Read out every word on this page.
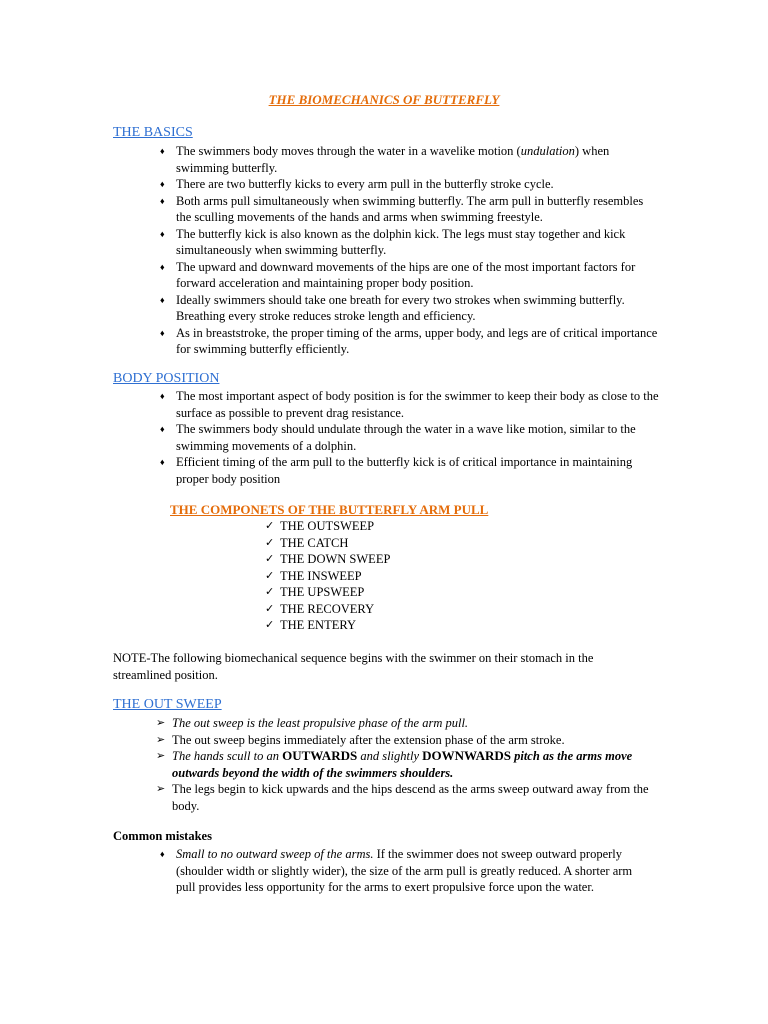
THE BIOMECHANICS OF BUTTERFLY
THE BASICS
♦ The swimmers body moves through the water in a wavelike motion (undulation) when swimming butterfly.
♦ There are two butterfly kicks to every arm pull in the butterfly stroke cycle.
♦ Both arms pull simultaneously when swimming butterfly. The arm pull in butterfly resembles the sculling movements of the hands and arms when swimming freestyle.
♦ The butterfly kick is also known as the dolphin kick. The legs must stay together and kick simultaneously when swimming butterfly.
♦ The upward and downward movements of the hips are one of the most important factors for forward acceleration and maintaining proper body position.
♦ Ideally swimmers should take one breath for every two strokes when swimming butterfly. Breathing every stroke reduces stroke length and efficiency.
♦ As in breaststroke, the proper timing of the arms, upper body, and legs are of critical importance for swimming butterfly efficiently.
BODY POSITION
♦ The most important aspect of body position is for the swimmer to keep their body as close to the surface as possible to prevent drag resistance.
♦ The swimmers body should undulate through the water in a wave like motion, similar to the swimming movements of a dolphin.
♦ Efficient timing of the arm pull to the butterfly kick is of critical importance in maintaining proper body position
THE COMPONETS OF THE BUTTERFLY ARM PULL
✓ THE OUTSWEEP
✓ THE CATCH
✓ THE DOWN SWEEP
✓ THE INSWEEP
✓ THE UPSWEEP
✓ THE RECOVERY
✓ THE ENTERY
NOTE-The following biomechanical sequence begins with the swimmer on their stomach in the streamlined position.
THE OUT SWEEP
➢ The out sweep is the least propulsive phase of the arm pull.
➢ The out sweep begins immediately after the extension phase of the arm stroke.
➢ The hands scull to an OUTWARDS and slightly DOWNWARDS pitch as the arms move outwards beyond the width of the swimmers shoulders.
➢ The legs begin to kick upwards and the hips descend as the arms sweep outward away from the body.
Common mistakes
♦ Small to no outward sweep of the arms. If the swimmer does not sweep outward properly (shoulder width or slightly wider), the size of the arm pull is greatly reduced. A shorter arm pull provides less opportunity for the arms to exert propulsive force upon the water.
